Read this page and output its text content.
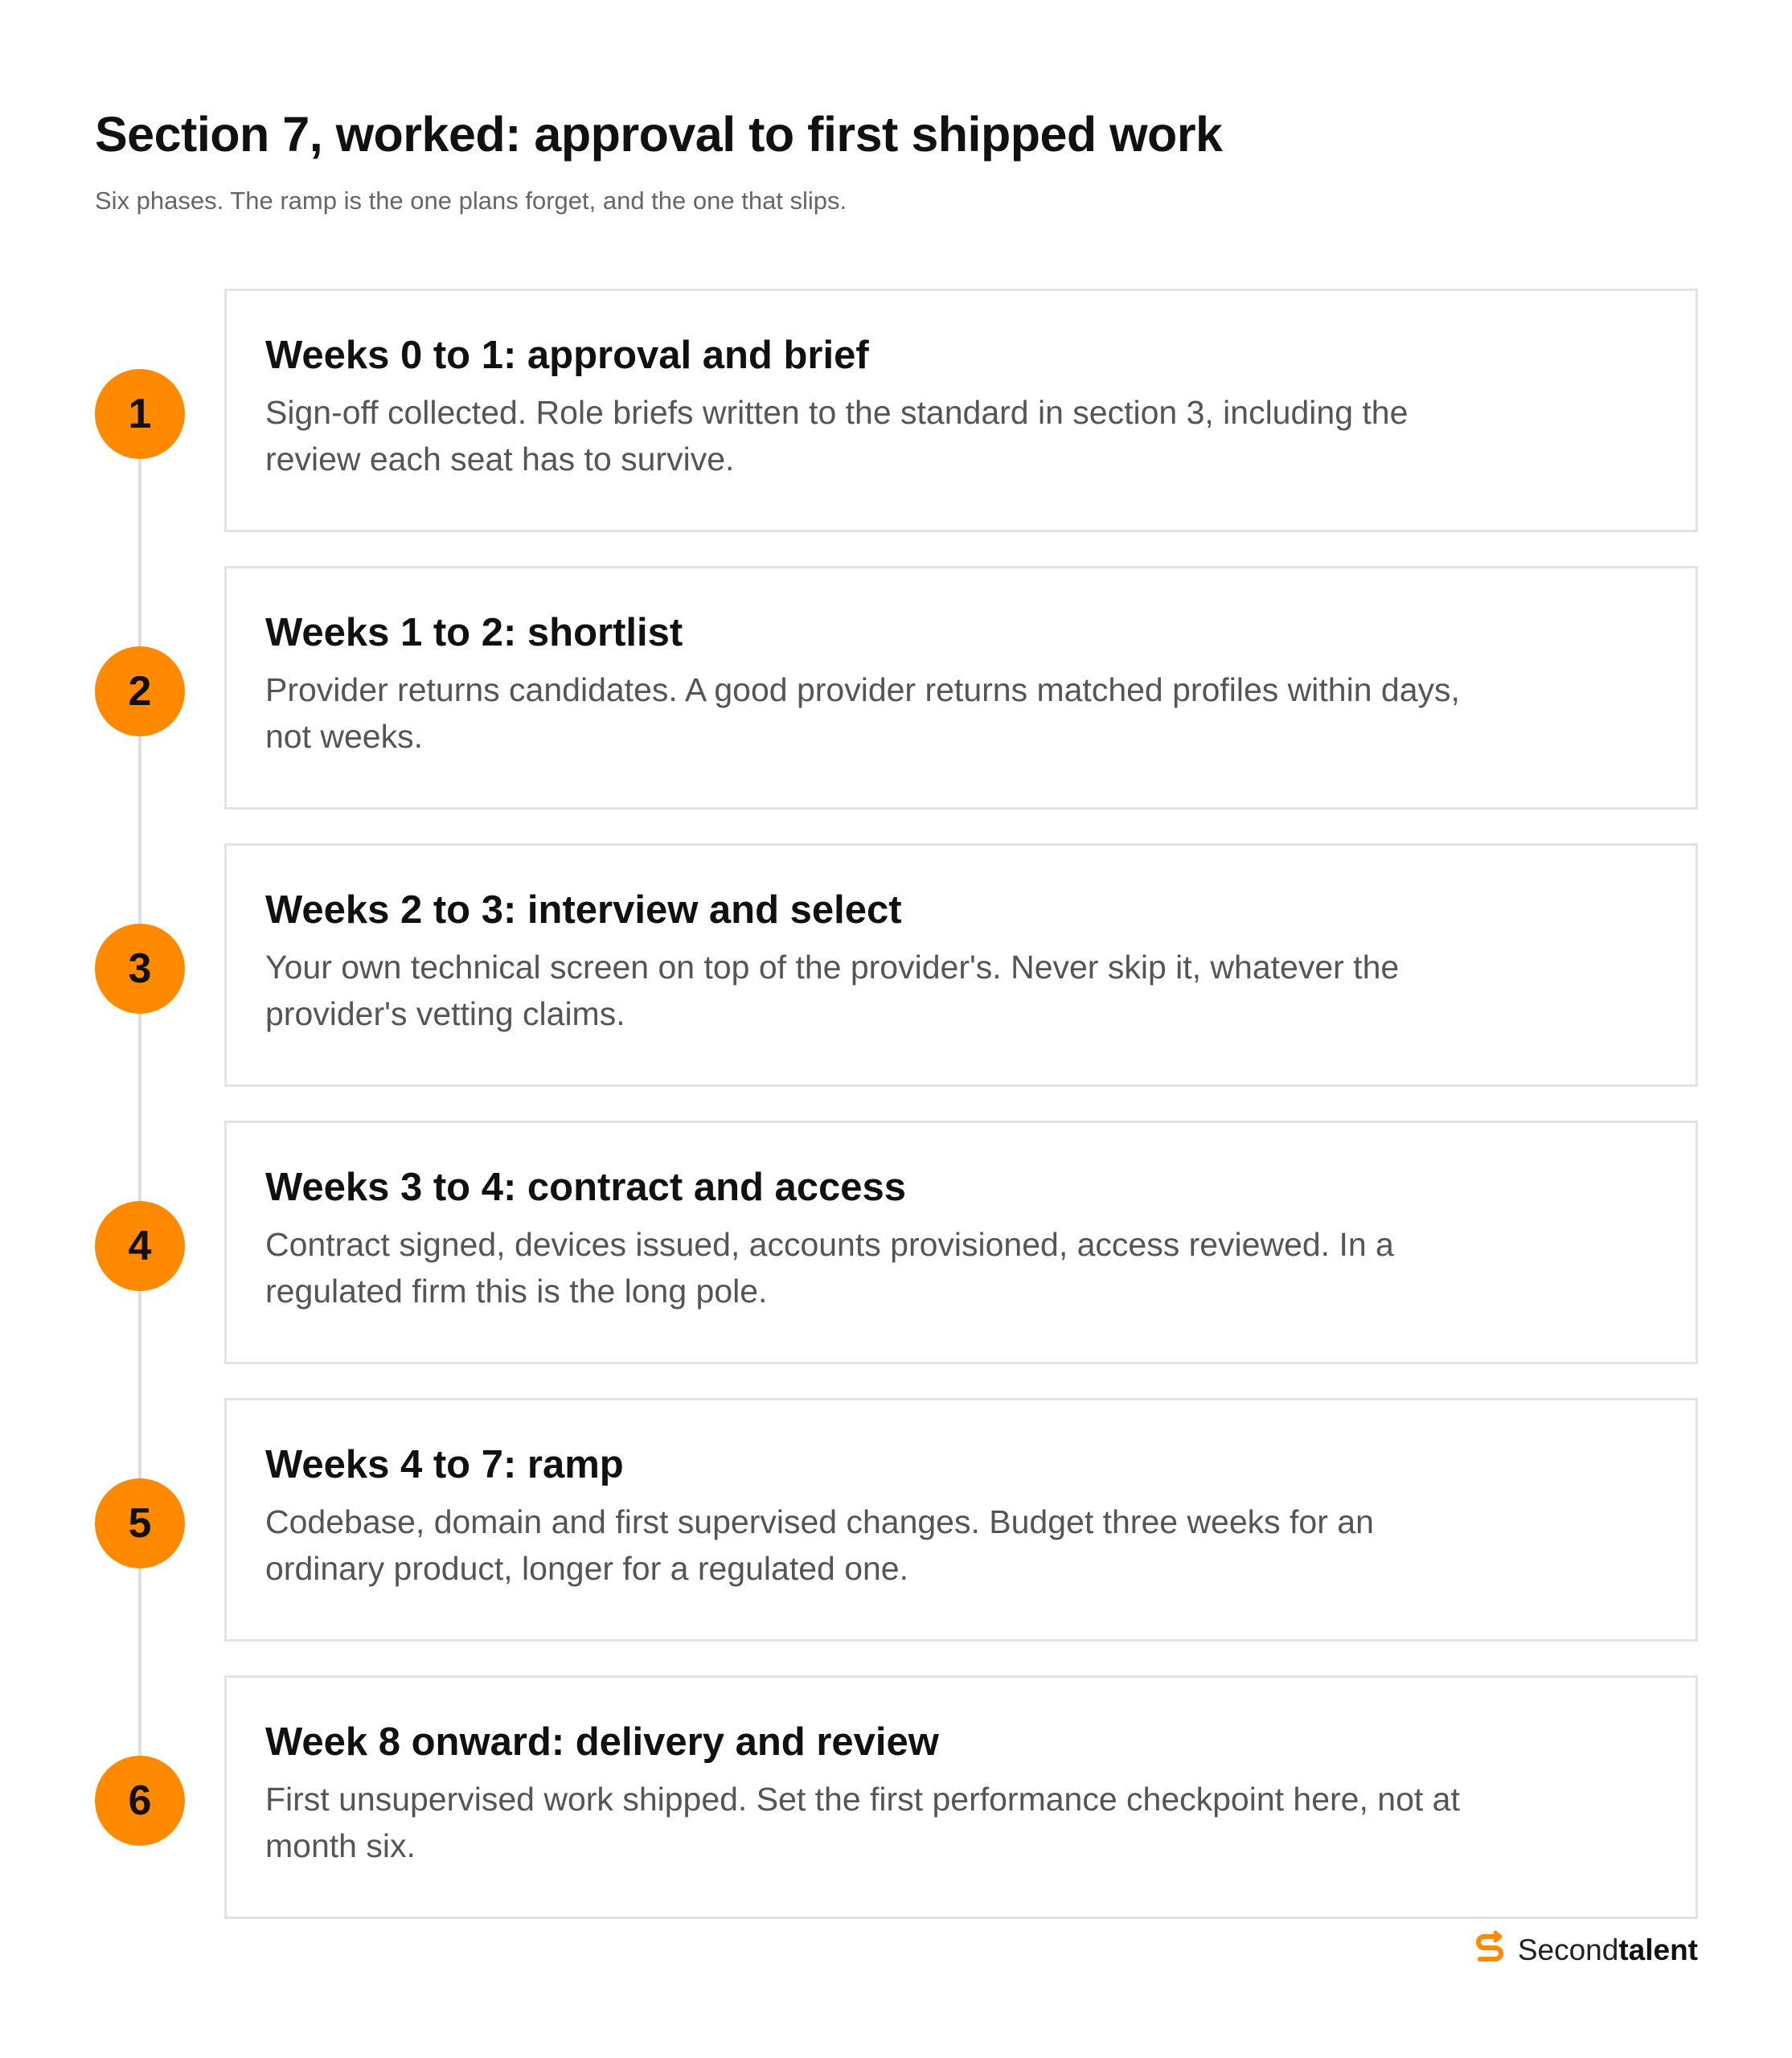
Section 7, worked: approval to first shipped work
Six phases. The ramp is the one plans forget, and the one that slips.
1
Weeks 0 to 1: approval and brief
Sign-off collected. Role briefs written to the standard in section 3, including the review each seat has to survive.
2
Weeks 1 to 2: shortlist
Provider returns candidates. A good provider returns matched profiles within days, not weeks.
3
Weeks 2 to 3: interview and select
Your own technical screen on top of the provider's. Never skip it, whatever the provider's vetting claims.
4
Weeks 3 to 4: contract and access
Contract signed, devices issued, accounts provisioned, access reviewed. In a regulated firm this is the long pole.
5
Weeks 4 to 7: ramp
Codebase, domain and first supervised changes. Budget three weeks for an ordinary product, longer for a regulated one.
6
Week 8 onward: delivery and review
First unsupervised work shipped. Set the first performance checkpoint here, not at month six.
Secondtalent
